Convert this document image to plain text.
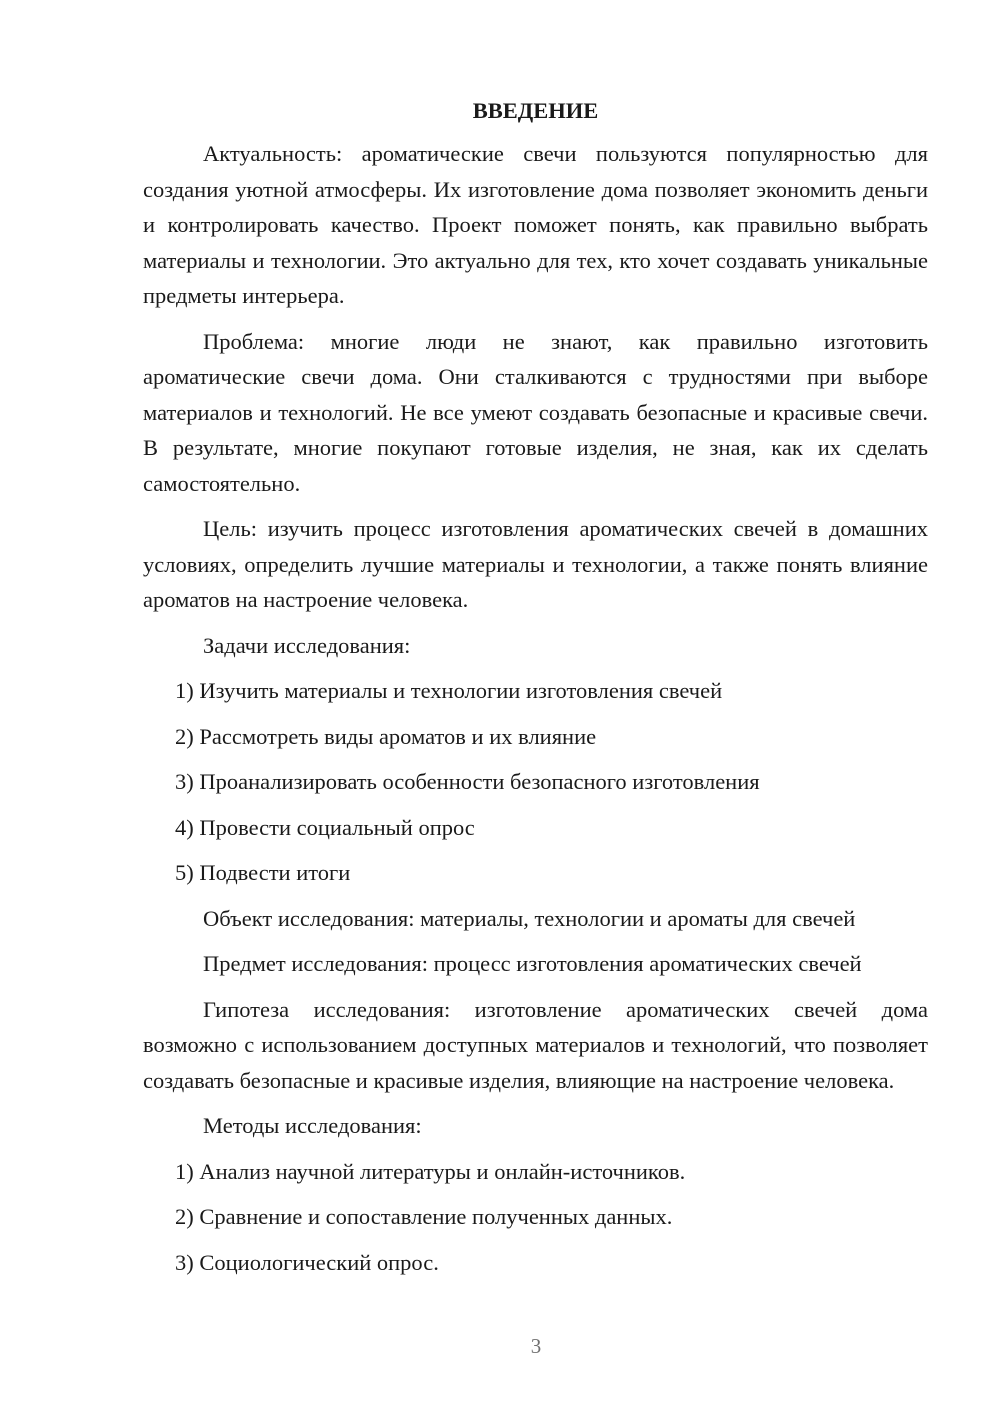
ВВЕДЕНИЕ

Актуальность: ароматические свечи пользуются популярностью для создания уютной атмосферы. Их изготовление дома позволяет экономить деньги и контролировать качество. Проект поможет понять, как правильно выбрать материалы и технологии. Это актуально для тех, кто хочет создавать уникальные предметы интерьера.

Проблема: многие люди не знают, как правильно изготовить ароматические свечи дома. Они сталкиваются с трудностями при выборе материалов и технологий. Не все умеют создавать безопасные и красивые свечи. В результате, многие покупают готовые изделия, не зная, как их сделать самостоятельно.

Цель: изучить процесс изготовления ароматических свечей в домашних условиях, определить лучшие материалы и технологии, а также понять влияние ароматов на настроение человека.

Задачи исследования:
1) Изучить материалы и технологии изготовления свечей
2) Рассмотреть виды ароматов и их влияние
3) Проанализировать особенности безопасного изготовления
4) Провести социальный опрос
5) Подвести итоги
Объект исследования: материалы, технологии и ароматы для свечей
Предмет исследования: процесс изготовления ароматических свечей

Гипотеза исследования: изготовление ароматических свечей дома возможно с использованием доступных материалов и технологий, что позволяет создавать безопасные и красивые изделия, влияющие на настроение человека.

Методы исследования:
1) Анализ научной литературы и онлайн-источников.
2) Сравнение и сопоставление полученных данных.
3) Социологический опрос.
3
